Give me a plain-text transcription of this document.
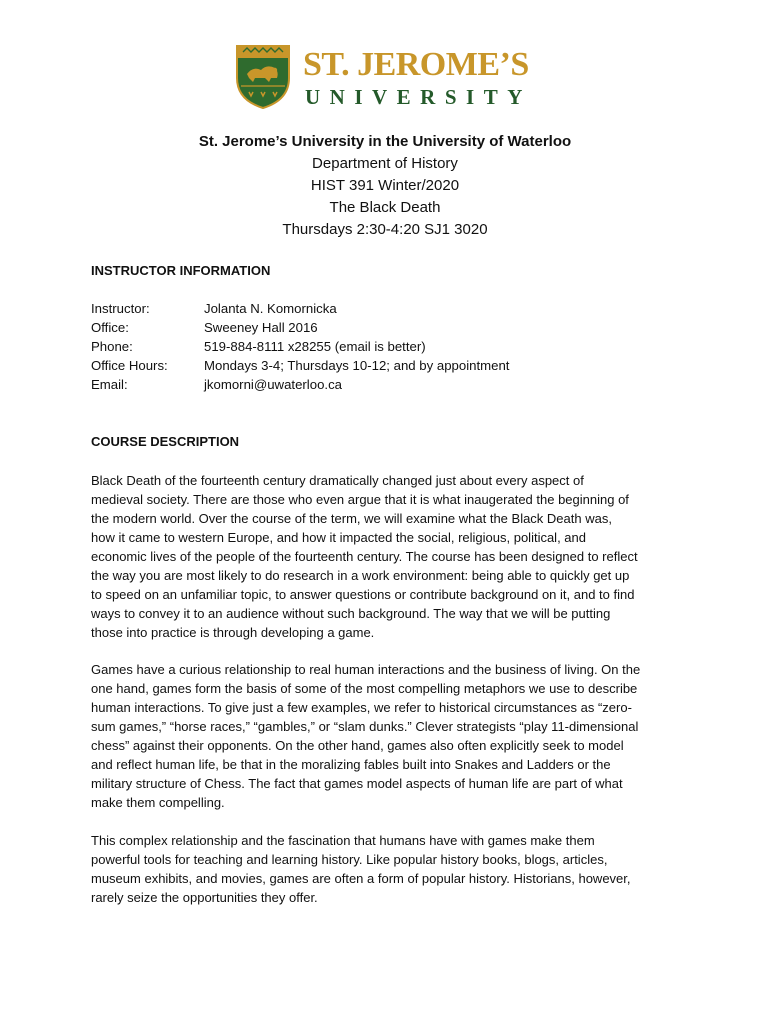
ST. JEROME’S
UNIVERSITY
St. Jerome’s University in the University of Waterloo
Department of History
HIST 391 Winter/2020
The Black Death
Thursdays 2:30-4:20 SJ1 3020
INSTRUCTOR INFORMATION
Instructor:	Jolanta N. Komornicka
Office:	Sweeney Hall 2016
Phone:	519-884-8111 x28255 (email is better)
Office Hours:	Mondays 3-4; Thursdays 10-12; and by appointment
Email:	jkomorni@uwaterloo.ca
COURSE DESCRIPTION
Black Death of the fourteenth century dramatically changed just about every aspect of
medieval society. There are those who even argue that it is what inaugerated the beginning of
the modern world. Over the course of the term, we will examine what the Black Death was,
how it came to western Europe, and how it impacted the social, religious, political, and
economic lives of the people of the fourteenth century. The course has been designed to reflect
the way you are most likely to do research in a work environment: being able to quickly get up
to speed on an unfamiliar topic, to answer questions or contribute background on it, and to find
ways to convey it to an audience without such background. The way that we will be putting
those into practice is through developing a game.
Games have a curious relationship to real human interactions and the business of living. On the
one hand, games form the basis of some of the most compelling metaphors we use to describe
human interactions. To give just a few examples, we refer to historical circumstances as “zero-
sum games,” “horse races,” “gambles,” or “slam dunks.” Clever strategists “play 11-dimensional
chess” against their opponents. On the other hand, games also often explicitly seek to model
and reflect human life, be that in the moralizing fables built into Snakes and Ladders or the
military structure of Chess. The fact that games model aspects of human life are part of what
make them compelling.
This complex relationship and the fascination that humans have with games make them
powerful tools for teaching and learning history. Like popular history books, blogs, articles,
museum exhibits, and movies, games are often a form of popular history. Historians, however,
rarely seize the opportunities they offer.
